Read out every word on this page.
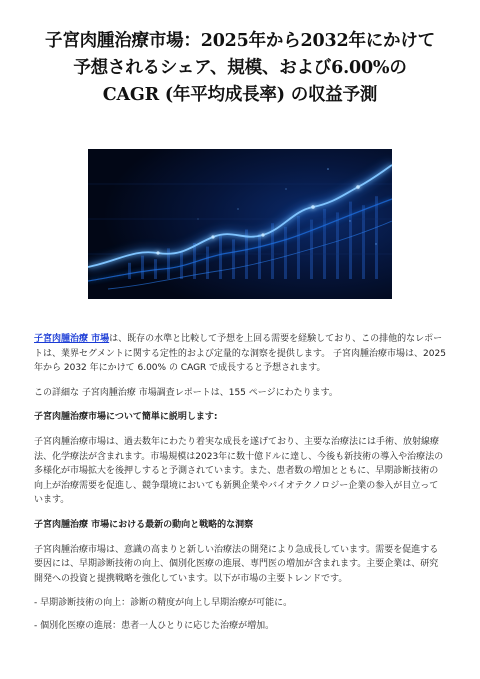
子宮肉腫治療市場：2025年から2032年にかけて
予想されるシェア、規模、および6.00%の
CAGR (年平均成長率) の収益予測

子宮肉腫治療 市場は、既存の水準と比較して予想を上回る需要を経験しており、この排他的なレポートは、業界セグメントに関する定性的および定量的な洞察を提供します。 子宮肉腫治療市場は、2025 年から 2032 年にかけて 6.00% の CAGR で成長すると予想されます。

この詳細な 子宮肉腫治療 市場調査レポートは、155 ページにわたります。

子宮肉腫治療市場について簡単に説明します:

子宮肉腫治療市場は、過去数年にわたり着実な成長を遂げており、主要な治療法には手術、放射線療法、化学療法が含まれます。市場規模は2023年に数十億ドルに達し、今後も新技術の導入や治療法の多様化が市場拡大を後押しすると予測されています。また、患者数の増加とともに、早期診断技術の向上が治療需要を促進し、競争環境においても新興企業やバイオテクノロジー企業の参入が目立っています。

子宮肉腫治療 市場における最新の動向と戦略的な洞察

子宮肉腫治療市場は、意識の高まりと新しい治療法の開発により急成長しています。需要を促進する要因には、早期診断技術の向上、個別化医療の進展、専門医の増加が含まれます。主要企業は、研究開発への投資と提携戦略を強化しています。以下が市場の主要トレンドです。

- 早期診断技術の向上：診断の精度が向上し早期治療が可能に。

- 個別化医療の進展：患者一人ひとりに応じた治療が増加。
